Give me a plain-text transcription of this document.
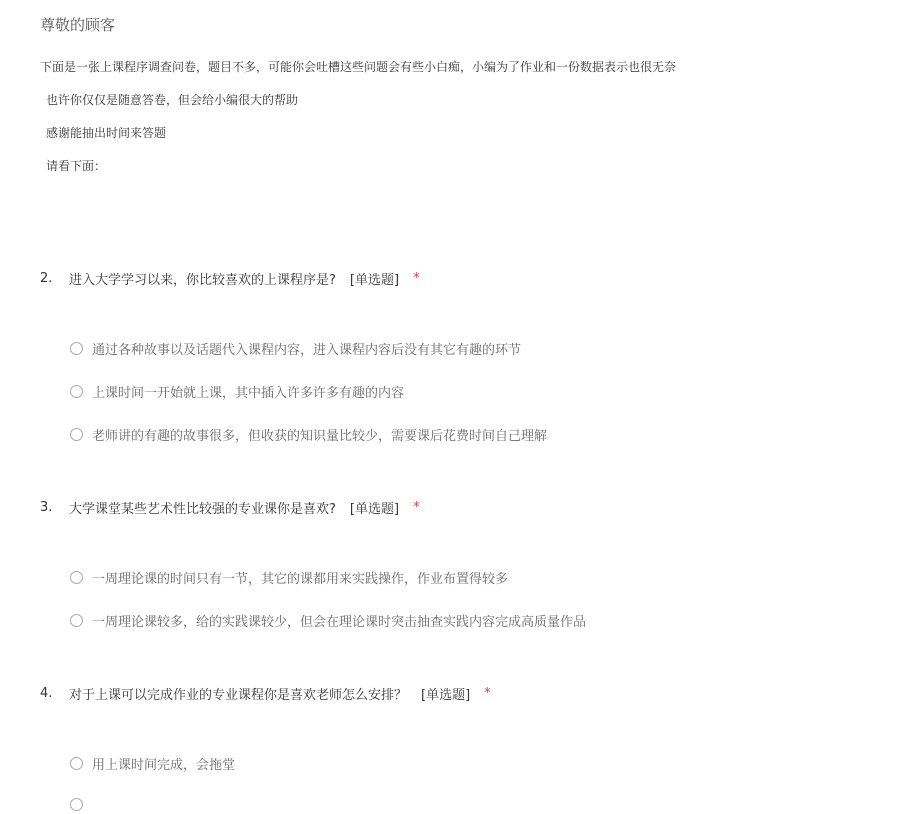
尊敬的顾客
下面是一张上课程序调查问卷，题目不多，可能你会吐槽这些问题会有些小白痴，小编为了作业和一份数据表示也很无奈
也许你仅仅是随意答卷，但会给小编很大的帮助
感谢能抽出时间来答题
请看下面：
2.	进入大学学习以来，你比较喜欢的上课程序是? [单选题] *
通过各种故事以及话题代入课程内容，进入课程内容后没有其它有趣的环节
上课时间一开始就上课，其中插入许多许多有趣的内容
老师讲的有趣的故事很多，但收获的知识量比较少，需要课后花费时间自己理解
3.	大学课堂某些艺术性比较强的专业课你是喜欢? [单选题] *
一周理论课的时间只有一节，其它的课都用来实践操作，作业布置得较多
一周理论课较多，给的实践课较少，但会在理论课时突击抽查实践内容完成高质量作品
4.	对于上课可以完成作业的专业课程你是喜欢老师怎么安排？ [单选题] *
用上课时间完成，会拖堂
